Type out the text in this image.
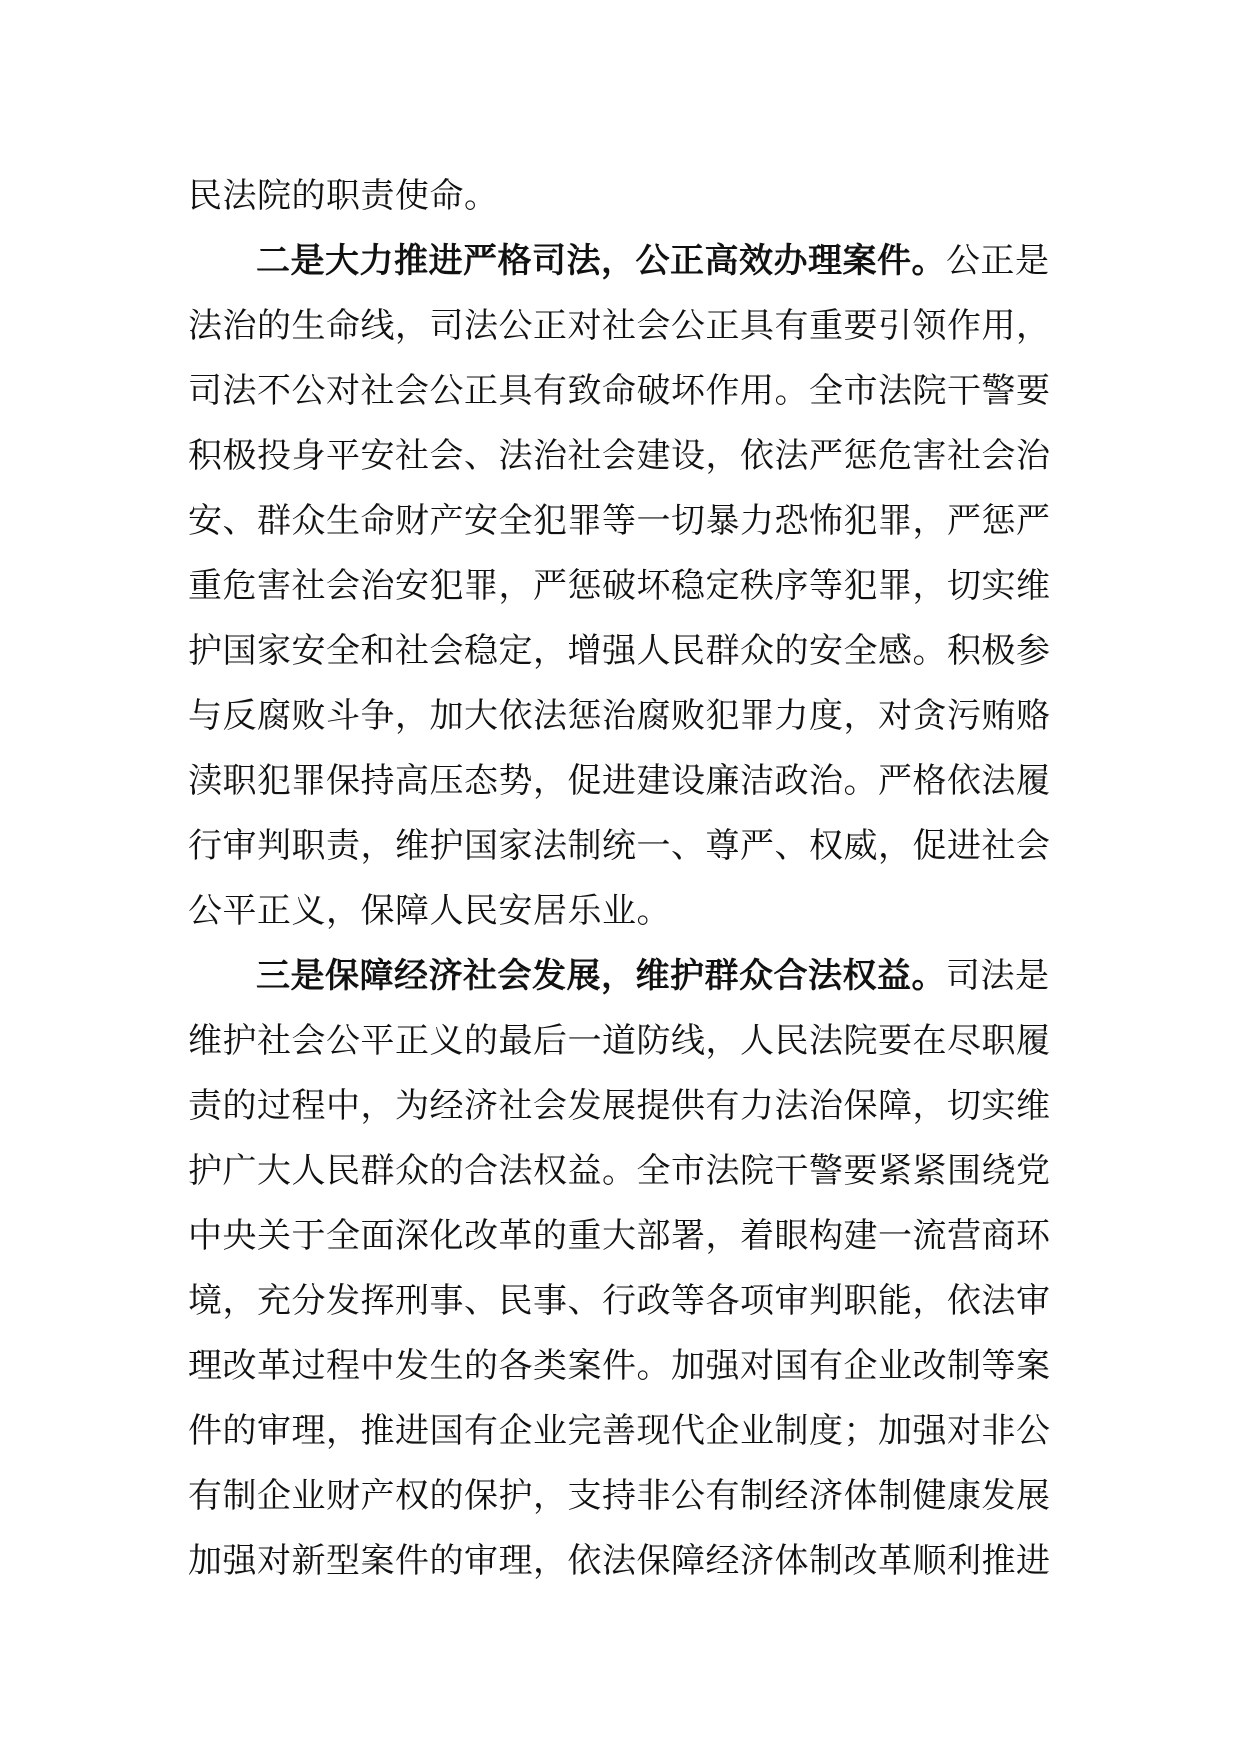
民法院的职责使命。
二是大力推进严格司法，公正高效办理案件。公正是
法治的生命线，司法公正对社会公正具有重要引领作用，
司法不公对社会公正具有致命破坏作用。全市法院干警要
积极投身平安社会、法治社会建设，依法严惩危害社会治
安、群众生命财产安全犯罪等一切暴力恐怖犯罪，严惩严
重危害社会治安犯罪，严惩破坏稳定秩序等犯罪，切实维
护国家安全和社会稳定，增强人民群众的安全感。积极参
与反腐败斗争，加大依法惩治腐败犯罪力度，对贪污贿赂
渎职犯罪保持高压态势，促进建设廉洁政治。严格依法履
行审判职责，维护国家法制统一、尊严、权威，促进社会
公平正义，保障人民安居乐业。
三是保障经济社会发展，维护群众合法权益。司法是
维护社会公平正义的最后一道防线，人民法院要在尽职履
责的过程中，为经济社会发展提供有力法治保障，切实维
护广大人民群众的合法权益。全市法院干警要紧紧围绕党
中央关于全面深化改革的重大部署，着眼构建一流营商环
境，充分发挥刑事、民事、行政等各项审判职能，依法审
理改革过程中发生的各类案件。加强对国有企业改制等案
件的审理，推进国有企业完善现代企业制度；加强对非公
有制企业财产权的保护，支持非公有制经济体制健康发展
加强对新型案件的审理，依法保障经济体制改革顺利推进
